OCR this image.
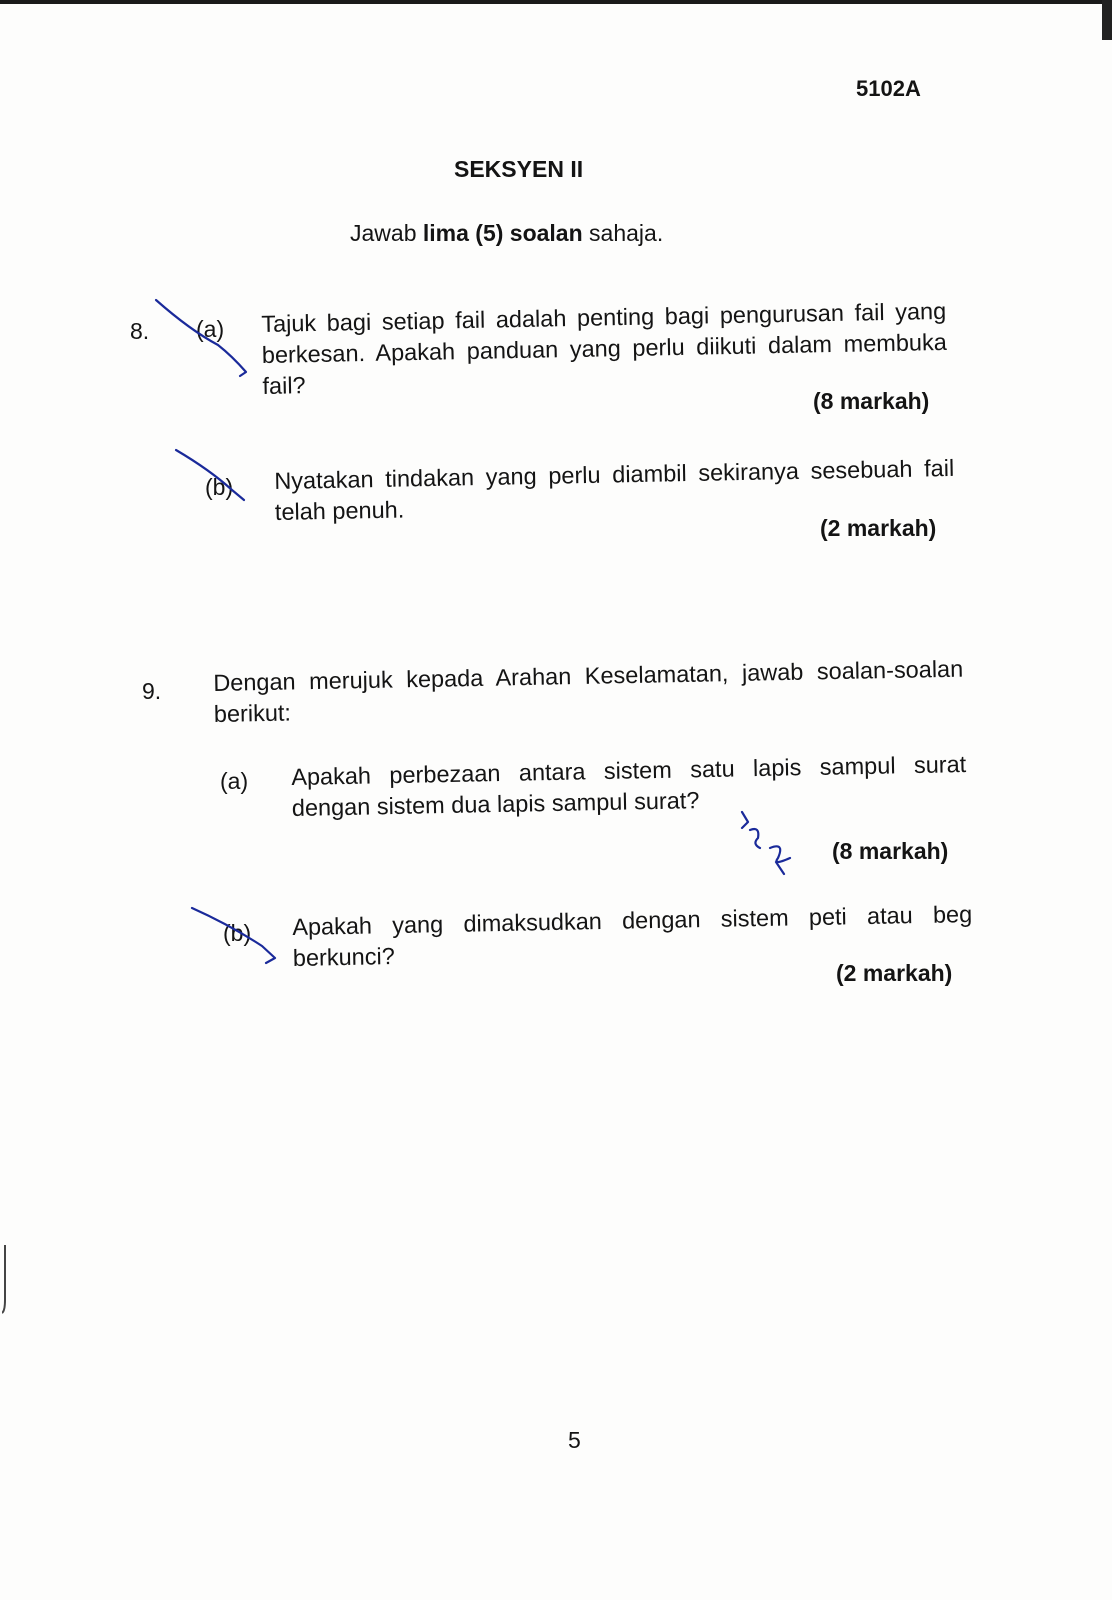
5102A
SEKSYEN II
Jawab lima (5) soalan sahaja.
8. (a) Tajuk bagi setiap fail adalah penting bagi pengurusan fail yang berkesan. Apakah panduan yang perlu diikuti dalam membuka fail?
(8 markah)
(b) Nyatakan tindakan yang perlu diambil sekiranya sesebuah fail telah penuh.
(2 markah)
9. Dengan merujuk kepada Arahan Keselamatan, jawab soalan-soalan berikut:
(a) Apakah perbezaan antara sistem satu lapis sampul surat dengan sistem dua lapis sampul surat?
(8 markah)
(b) Apakah yang dimaksudkan dengan sistem peti atau beg berkunci?
(2 markah)
5
